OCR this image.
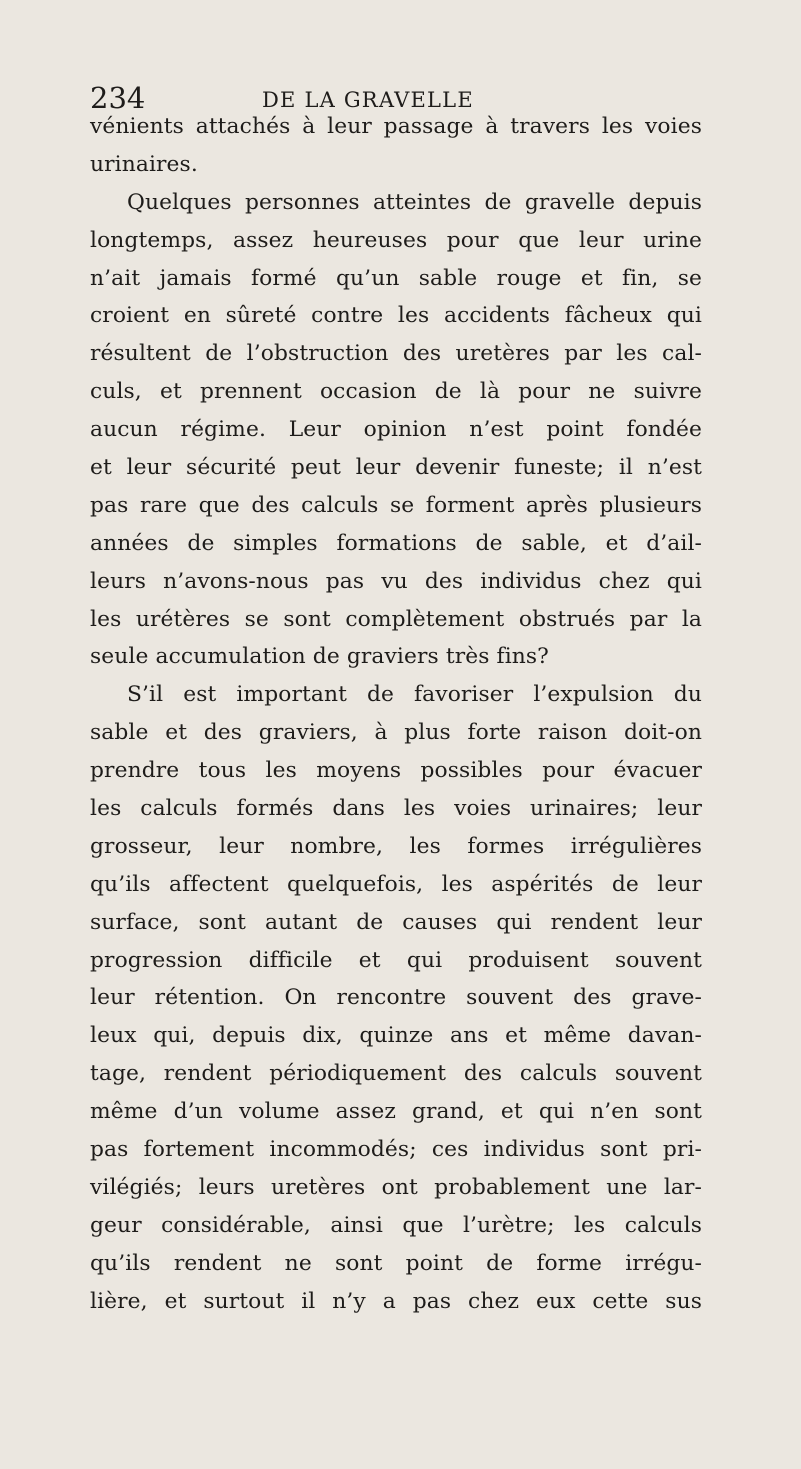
234	DE LA GRAVELLE
vénients attachés à leur passage à travers les voies
urinaires.
Quelques personnes atteintes de gravelle depuis
longtemps, assez heureuses pour que leur urine
n’ait jamais formé qu’un sable rouge et fin, se
croient en sûreté contre les accidents fâcheux qui
résultent de l’obstruction des uretères par les cal-
culs, et prennent occasion de là pour ne suivre
aucun régime. Leur opinion n’est point fondée
et leur sécurité peut leur devenir funeste; il n’est
pas rare que des calculs se forment après plusieurs
années de simples formations de sable, et d’ail-
leurs n’avons-nous pas vu des individus chez qui
les urétères se sont complètement obstrués par la
seule accumulation de graviers très fins?
S’il est important de favoriser l’expulsion du
sable et des graviers, à plus forte raison doit-on
prendre tous les moyens possibles pour évacuer
les calculs formés dans les voies urinaires; leur
grosseur, leur nombre, les formes irrégulières
qu’ils affectent quelquefois, les aspérités de leur
surface, sont autant de causes qui rendent leur
progression difficile et qui produisent souvent
leur rétention. On rencontre souvent des grave-
leux qui, depuis dix, quinze ans et même davan-
tage, rendent périodiquement des calculs souvent
même d’un volume assez grand, et qui n’en sont
pas fortement incommodés; ces individus sont pri-
vilégiés; leurs uretères ont probablement une lar-
geur considérable, ainsi que l’urètre; les calculs
qu’ils rendent ne sont point de forme irrégu-
lière, et surtout il n’y a pas chez eux cette sus
